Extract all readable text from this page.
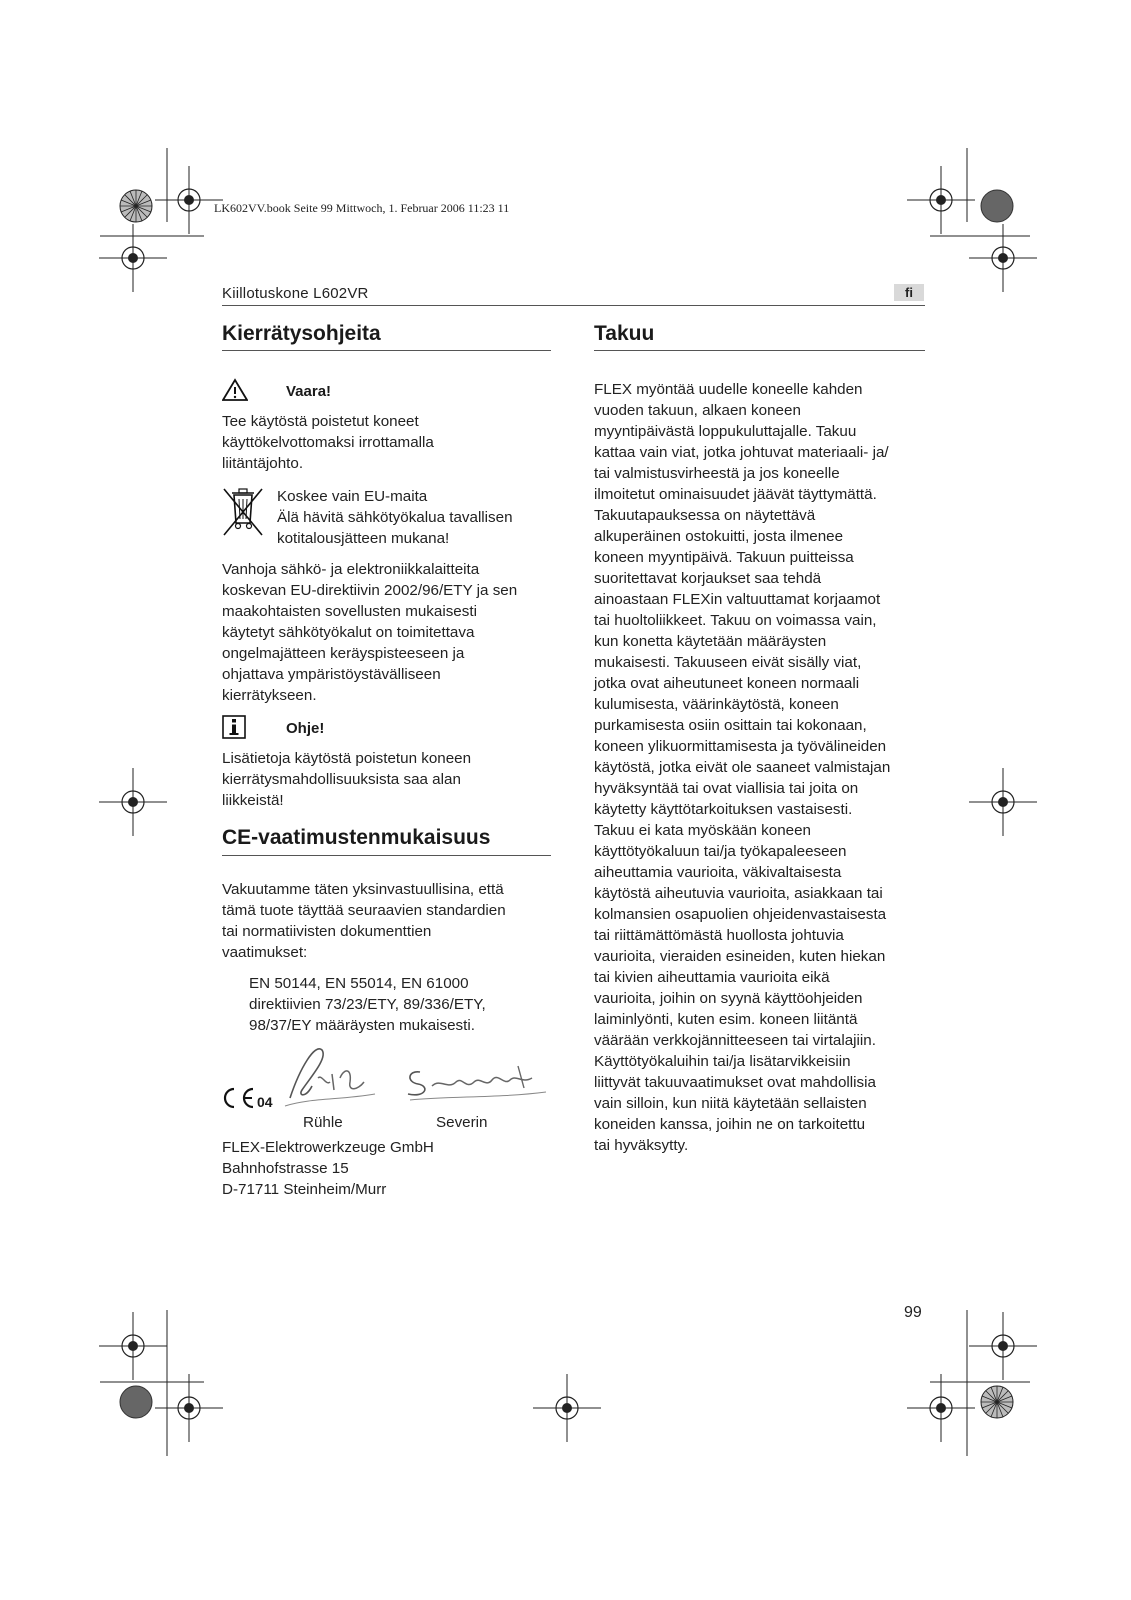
LK602VV.book Seite 99 Mittwoch, 1. Februar 2006 11:23 11
Kiillotuskone L602VR	fi
Kierrätysohjeita
Vaara!
Tee käytöstä poistetut koneet
käyttökelvottomaksi irrottamalla
liitäntäjohto.
Koskee vain EU-maita
Älä hävitä sähkötyökalua tavallisen
kotitalousjätteen mukana!
Vanhoja sähkö- ja elektroniikkalaitteita
koskevan EU-direktiivin 2002/96/ETY ja sen
maakohtaisten sovellusten mukaisesti
käytetyt sähkötyökalut on toimitettava
ongelmajätteen keräyspisteeseen ja
ohjattava ympäristöystävälliseen
kierrätykseen.
Ohje!
Lisätietoja käytöstä poistetun koneen
kierrätysmahdollisuuksista saa alan
liikkeistä!
CE-vaatimustenmukaisuus
Vakuutamme täten yksinvastuullisina, että
tämä tuote täyttää seuraavien standardien
tai normatiivisten dokumenttien
vaatimukset:
EN 50144, EN 55014, EN 61000
direktiivien 73/23/ETY, 89/336/ETY,
98/37/EY määräysten mukaisesti.
04
Rühle	Severin
FLEX-Elektrowerkzeuge GmbH
Bahnhofstrasse 15
D-71711 Steinheim/Murr
Takuu
FLEX myöntää uudelle koneelle kahden
vuoden takuun, alkaen koneen
myyntipäivästä loppukuluttajalle. Takuu
kattaa vain viat, jotka johtuvat materiaali- ja/
tai valmistusvirheestä ja jos koneelle
ilmoitetut ominaisuudet jäävät täyttymättä.
Takuutapauksessa on näytettävä
alkuperäinen ostokuitti, josta ilmenee
koneen myyntipäivä. Takuun puitteissa
suoritettavat korjaukset saa tehdä
ainoastaan FLEXin valtuuttamat korjaamot
tai huoltoliikkeet. Takuu on voimassa vain,
kun konetta käytetään määräysten
mukaisesti. Takuuseen eivät sisälly viat,
jotka ovat aiheutuneet koneen normaali
kulumisesta, väärinkäytöstä, koneen
purkamisesta osiin osittain tai kokonaan,
koneen ylikuormittamisesta ja työvälineiden
käytöstä, jotka eivät ole saaneet valmistajan
hyväksyntää tai ovat viallisia tai joita on
käytetty käyttötarkoituksen vastaisesti.
Takuu ei kata myöskään koneen
käyttötyökaluun tai/ja työkapaleeseen
aiheuttamia vaurioita, väkivaltaisesta
käytöstä aiheutuvia vaurioita, asiakkaan tai
kolmansien osapuolien ohjeidenvastaisesta
tai riittämättömästä huollosta johtuvia
vaurioita, vieraiden esineiden, kuten hiekan
tai kivien aiheuttamia vaurioita eikä
vaurioita, joihin on syynä käyttöohjeiden
laiminlyönti, kuten esim. koneen liitäntä
väärään verkkojännitteeseen tai virtalajiin.
Käyttötyökaluihin tai/ja lisätarvikkeisiin
liittyvät takuuvaatimukset ovat mahdollisia
vain silloin, kun niitä käytetään sellaisten
koneiden kanssa, joihin ne on tarkoitettu
tai hyväksytty.
99
